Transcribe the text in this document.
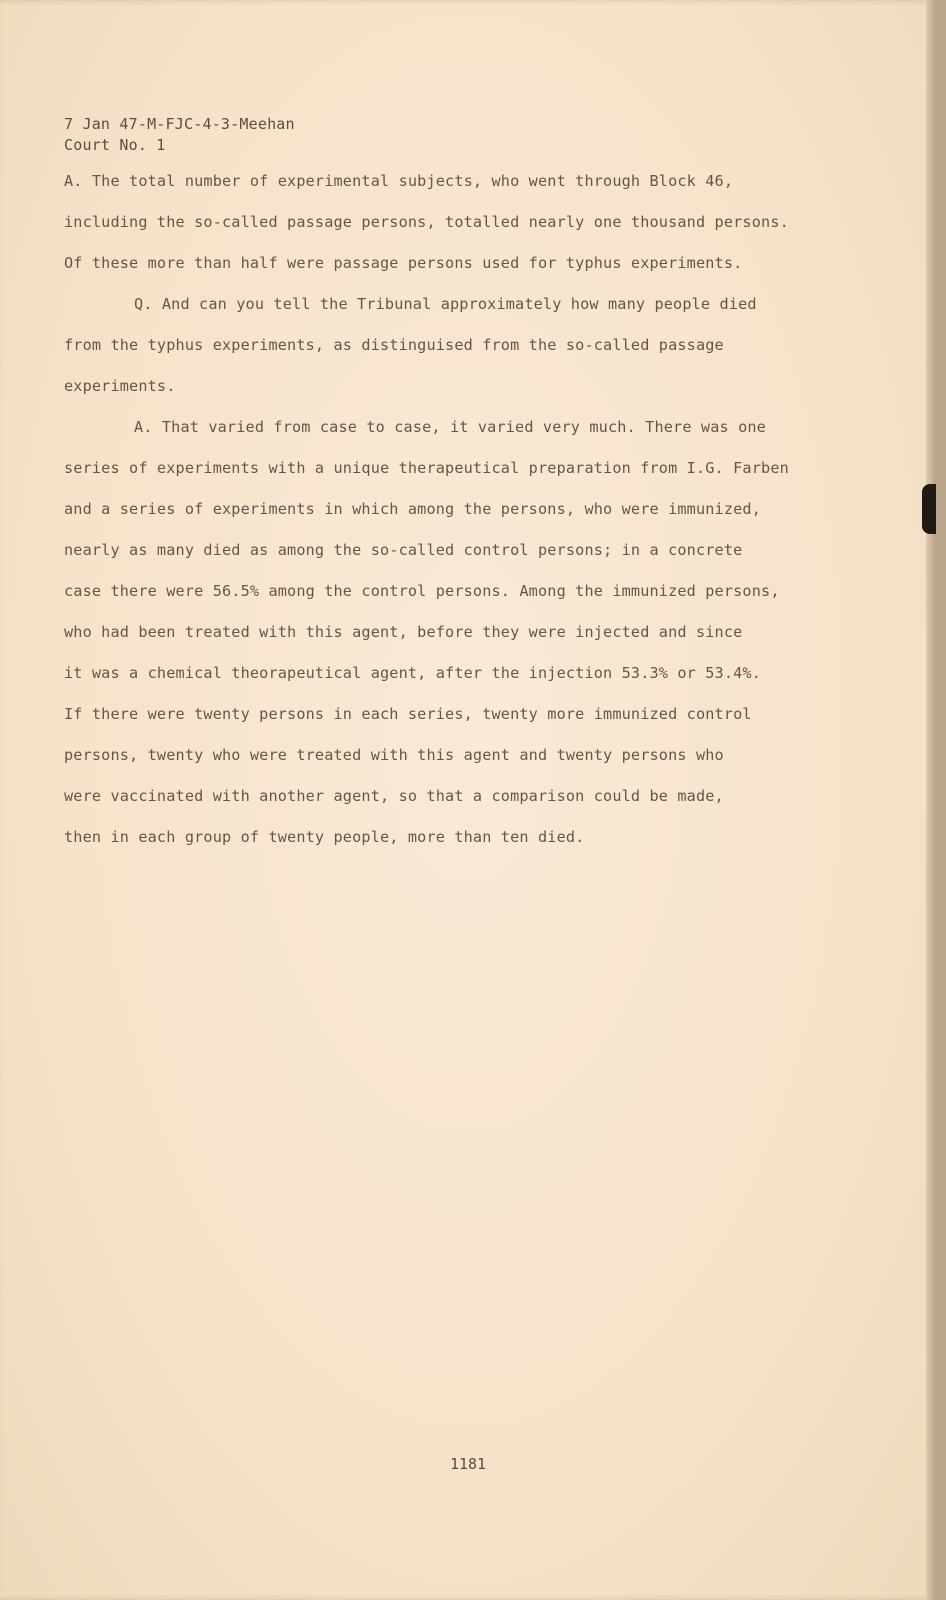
7 Jan 47-M-FJC-4-3-Meehan
Court No. 1
A. The total number of experimental subjects, who went through Block 46,
including the so-called passage persons, totalled nearly one thousand persons.
Of these more than half were passage persons used for typhus experiments.
Q. And can you tell the Tribunal approximately how many people died
from the typhus experiments, as distinguised from the so-called passage
experiments.
A. That varied from case to case, it varied very much. There was one
series of experiments with a unique therapeutical preparation from I.G. Farben
and a series of experiments in which among the persons, who were immunized,
nearly as many died as among the so-called control persons; in a concrete
case there were 56.5% among the control persons. Among the immunized persons,
who had been treated with this agent, before they were injected and since
it was a chemical theorapeutical agent, after the injection 53.3% or 53.4%.
If there were twenty persons in each series, twenty more immunized control
persons, twenty who were treated with this agent and twenty persons who
were vaccinated with another agent, so that a comparison could be made,
then in each group of twenty people, more than ten died.
1181
